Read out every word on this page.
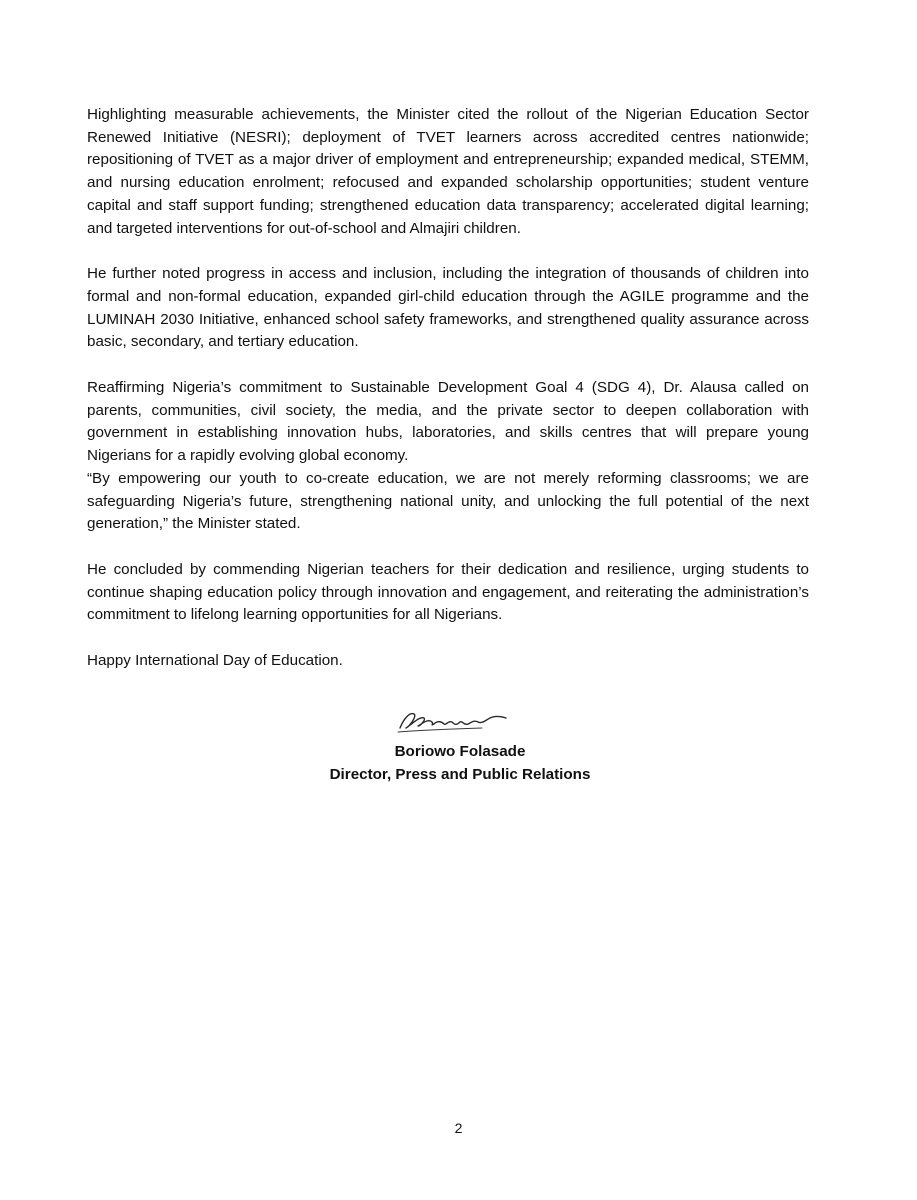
Highlighting measurable achievements, the Minister cited the rollout of the Nigerian Education Sector Renewed Initiative (NESRI); deployment of TVET learners across accredited centres nationwide; repositioning of TVET as a major driver of employment and entrepreneurship; expanded medical, STEMM, and nursing education enrolment; refocused and expanded scholarship opportunities; student venture capital and staff support funding; strengthened education data transparency; accelerated digital learning; and targeted interventions for out-of-school and Almajiri children.

He further noted progress in access and inclusion, including the integration of thousands of children into formal and non-formal education, expanded girl-child education through the AGILE programme and the LUMINAH 2030 Initiative, enhanced school safety frameworks, and strengthened quality assurance across basic, secondary, and tertiary education.

Reaffirming Nigeria’s commitment to Sustainable Development Goal 4 (SDG 4), Dr. Alausa called on parents, communities, civil society, the media, and the private sector to deepen collaboration with government in establishing innovation hubs, laboratories, and skills centres that will prepare young Nigerians for a rapidly evolving global economy.

“By empowering our youth to co-create education, we are not merely reforming classrooms; we are safeguarding Nigeria’s future, strengthening national unity, and unlocking the full potential of the next generation,” the Minister stated.

He concluded by commending Nigerian teachers for their dedication and resilience, urging students to continue shaping education policy through innovation and engagement, and reiterating the administration’s commitment to lifelong learning opportunities for all Nigerians.

Happy International Day of Education.

Boriowo Folasade
Director, Press and Public Relations
2
